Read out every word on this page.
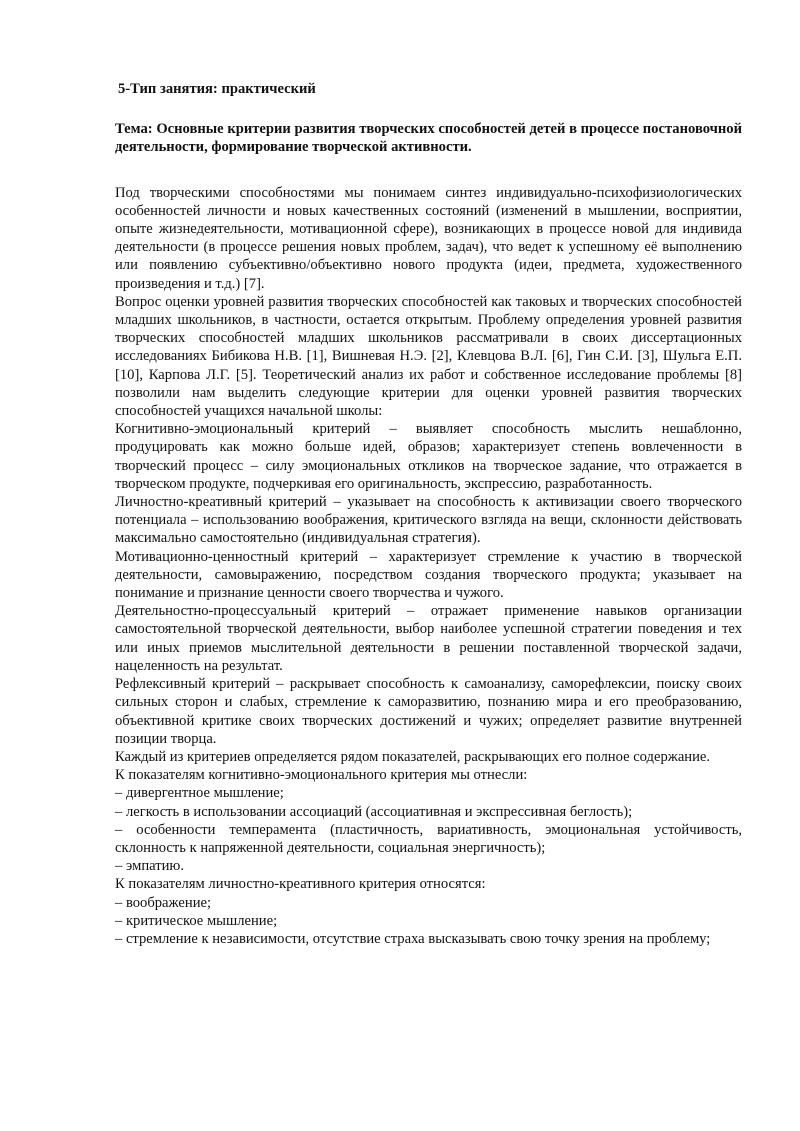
5-Тип занятия: практический
Тема: Основные критерии развития творческих способностей детей в процессе постановочной деятельности, формирование творческой активности.

Под творческими способностями мы понимаем синтез индивидуально-психофизиологических особенностей личности и новых качественных состояний (изменений в мышлении, восприятии, опыте жизнедеятельности, мотивационной сфере), возникающих в процессе новой для индивида деятельности (в процессе решения новых проблем, задач), что ведет к успешному её выполнению или появлению субъективно/объективно нового продукта (идеи, предмета, художественного произведения и т.д.) [7].

Вопрос оценки уровней развития творческих способностей как таковых и творческих способностей младших школьников, в частности, остается открытым. Проблему определения уровней развития творческих способностей младших школьников рассматривали в своих диссертационных исследованиях Бибикова Н.В. [1], Вишневая Н.Э. [2], Клевцова В.Л. [6], Гин С.И. [3], Шульга Е.П. [10], Карпова Л.Г. [5]. Теоретический анализ их работ и собственное исследование проблемы [8] позволили нам выделить следующие критерии для оценки уровней развития творческих способностей учащихся начальной школы:

Когнитивно-эмоциональный критерий – выявляет способность мыслить нешаблонно, продуцировать как можно больше идей, образов; характеризует степень вовлеченности в творческий процесс – силу эмоциональных откликов на творческое задание, что отражается в творческом продукте, подчеркивая его оригинальность, экспрессию, разработанность.

Личностно-креативный критерий – указывает на способность к активизации своего творческого потенциала – использованию воображения, критического взгляда на вещи, склонности действовать максимально самостоятельно (индивидуальная стратегия).

Мотивационно-ценностный критерий – характеризует стремление к участию в творческой деятельности, самовыражению, посредством создания творческого продукта; указывает на понимание и признание ценности своего творчества и чужого.

Деятельностно-процессуальный критерий – отражает применение навыков организации самостоятельной творческой деятельности, выбор наиболее успешной стратегии поведения и тех или иных приемов мыслительной деятельности в решении поставленной творческой задачи, нацеленность на результат.

Рефлексивный критерий – раскрывает способность к самоанализу, саморефлексии, поиску своих сильных сторон и слабых, стремление к саморазвитию, познанию мира и его преобразованию, объективной критике своих творческих достижений и чужих; определяет развитие внутренней позиции творца.

Каждый из критериев определяется рядом показателей, раскрывающих его полное содержание.

К показателям когнитивно-эмоционального критерия мы отнесли:

– дивергентное мышление;

– легкость в использовании ассоциаций (ассоциативная и экспрессивная беглость);

– особенности темперамента (пластичность, вариативность, эмоциональная устойчивость, склонность к напряженной деятельности, социальная энергичность);

– эмпатию.

К показателям личностно-креативного критерия относятся:

– воображение;

– критическое мышление;

– стремление к независимости, отсутствие страха высказывать свою точку зрения на проблему;
